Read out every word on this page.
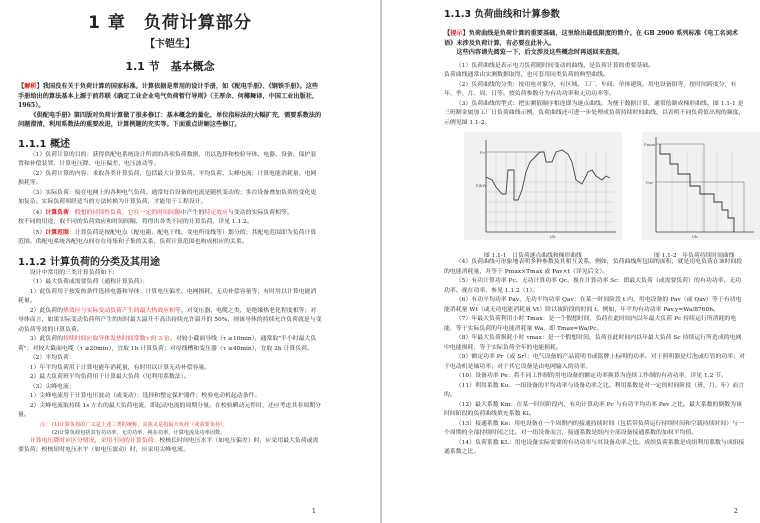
1 章　负荷计算部分
【卞铠生】
1.1 节　基本概念
【解析】我国没有关于负荷计算的国家标准。计算依据是常用的设计手册，如《配电手册》、《钢铁手册》。这些手册给出的算法基本上源于前苏联《确定工业企业电气负荷暂行导则》（王厚余、何椰舞译，中国工业出版社，1965）。
《供配电手册》第四版对负荷计算做了很多修订：基本概念的量化，单位指标法的大幅扩充，需要系数法的问题澄清，利用系数法的重要改进，计算例题的充实等。下面重点讲解这些修订。
1.1.1 概述
（1）负荷计算的目的：获得供配电系统设计所需的各项负荷数据，用以选择和校验导体、电器、设备、保护装置和补偿装置，计算电压降、电压偏差、电压波动等。
（2）负荷计算的内容：求取各类计算负荷，包括最大计算负荷、平均负荷、尖峰电流；计算电能消耗量、电网损耗等。
（3）实际负荷：接在电网上的各种电气负荷。通常每台设备的电流是随机变动的；多台设备叠加负荷的变化更加复杂。实际负荷须经适当的方法转换为计算负荷，才能用于工程设计。
（4）计算负荷：假想的持续性负荷，它在一定的时间间隔中产生的特定效应与变动的实际负荷相等。
按不同的用途，取不同的负荷效应和时间间隔，将得出各类不同的计算负荷，详见 1.1.2。
（5）计算范围：计算负荷是按配电点（配电箱、配电干线、变电所母线等）划分的；其配电范围即为负荷计算范围。供配电系统各配电点间存在母集和子集的关系，负荷计算范围也构成相应的关系。
1.1.2 计算负荷的分类及其用途
设计中常用的三类计算负荷如下：
（1）最大负荷或需要负荷（通称计算负荷）：
1）此负荷用于按发热条件选择电器和导体；计算电压偏差、电网损耗、无功补偿容量等；有时用以计算电能消耗量。
2）此负荷的热效应与实际变动负荷产生的最大热效应相等。对变压器、电缆之类，是绝缘热老化程度相等；对导体而言，如果实际变动负荷所产生的短时最大温升不高出持续允许温升的 50%，则该导体的持续允许负荷就是与变动负荷等效的计算负荷。
3）此负荷的持续时间应取导体发热时间常数τ 的 3 倍。对较小截面导线（τ ≥10min），通常取"半小时最大负荷"；对较大截面电缆（τ ≥20min），宜取 1h 计算负荷；对母线槽和变压器（τ ≥40min），宜取 2h 计算负荷。
（2）平均负荷：
1）年平均负荷用于计算电能年消耗量，有时用以计算无功补偿容量。
2）最大负荷班平均负荷用于计算最大负荷（见利用系数法）。
（3）尖峰电流：
1）尖峰电流用于计算电压波动（或变动）；选择和整定保护器件；校验电动机起动条件。
2）尖峰电流取持续 1s 左右的最大负荷电流，即起动电流的周期分量。在校验瞬动元件时，还应考虑其非周期分量。
注： (1)计算负荷的广义是上述三类的统称，其狭义是指最大负荷（或需要负荷）。
(2)计算负荷包括其有功功率、无功功率、视在功率、计算电流及功率因数。
计算电压降时应区分情况，采用不同的计算负荷：校核长时间电压水平（如电压偏差）时，应采用最大负荷或需要负荷；校核短时电压水平（如电压波动）时，应采用尖峰电流。
1
1.1.3 负荷曲线和计算参数
【提示】负荷曲线是负荷计算的重要基础，这里给出最低限度的简介。在 GB 2900 系列标准《电工名词术语》未涉及负荷计算，有必要在此补入。
这些内容请先阅览一下，后文涉及这些概念时再返回来查阅。
（1）负荷曲线是表示电力负荷随时间变动的曲线，是负荷计算的重要基础。
负荷曲线通常由实测数据取得，也可套用同类负荷的典型曲线。
（2）负荷曲线的分类：按用电对象分，有区域、工厂、车间、单体建筑、用电设备组等。按时间跨度分，有年、季、月、周、日等。按负荷参数分为有功功率和无功功率等。
（3）负荷曲线的型式：把实测值顺序相连即为逐点曲线。为便于数据计算，通常绘制成梯形曲线。图 1.1-1 是三班制金属加工厂日负荷曲线示例。负荷曲线还可进一步处理成负荷持续时间曲线，以表明不同负荷值出现的频度，示例见图 1.1-2。
Pc
P/kW
t/h
Pmax
Pav
t/h
图 1.1-1　日负荷逐点曲线和梯形曲线	图 1.1-2　年负荷持续时间曲线
（4）负荷曲线可形象地表明多种参数及其相互关系。例如，负荷曲线所包围的面积，就是用电负荷在该时间段的电能消耗量，并等于 Pmax×Tmax 或 Pav×t（详见后文）。
（5）有功计算功率 Pc、无功计算功率 Qc、视在计算功率 Sc：即最大负荷（或需要负荷）的有功功率、无功功率、视在功率，参见 1.1.2（1）。
（6）有功平均功率 Pav、无功平均功率 Qav：在某一时间阶段 t 内，用电设备的 Pav（或 Qav）等于有功电能消耗量 Wt（或无功电能消耗量 Vt）除以该阶段的时间 t。例如，年平均有功功率 Pav.y=Wa/8760h。
（7）年最大负荷利用小时 Tmax：是一个假想时间，负荷在此时间内以年最大负荷 Pc 持续运行所消耗的电能，等于实际负荷的年电能消耗量 Wa，即 Tmax=Wa/Pc。
（8）年最大负荷损耗小时 τmax：是一个假想时间，负荷在此时间内以年最大负荷 Sc 持续运行所造成的电网中电能损耗，等于实际负荷全年的电能损耗。
（9）额定功率 Pr（或 Sr）：电气设备的产品说明书或铭牌上标明的功率。对于照明器是灯泡或灯管的功率；对于电动机是轴功率；对于其它设备是由电网输入的功率。
（10）设备功率 Pe：将不同工作制的用电设备的额定功率换算为连续工作制的有功功率。详见 1.2 节。
（11）利用系数 Ku：一组设备的平均功率与设备功率之比。利用系数是对一定的时间阶段（班、月、年）而言的。
（12）最大系数 Km：在某一时间阶段内，有功计算功率 Pc 与有功平均功率 Pav 之比。最大系数的倒数为该时间阶段的负荷曲线填充系数 Kl。
（13）接通系数 Ke：用电设备在一个周期内的接通持续时间（包括带负荷运行持续时间和空载持续时间）与一个周期的全部持续时间之比。对一组设备而言，接通系数是组内全部设备接通系数的加权平均值。
（14）负荷系数 KL：用电设备实际需要的有功功率与其设备功率之比。成组负荷系数是成组利用系数与成组接通系数之比。
2
